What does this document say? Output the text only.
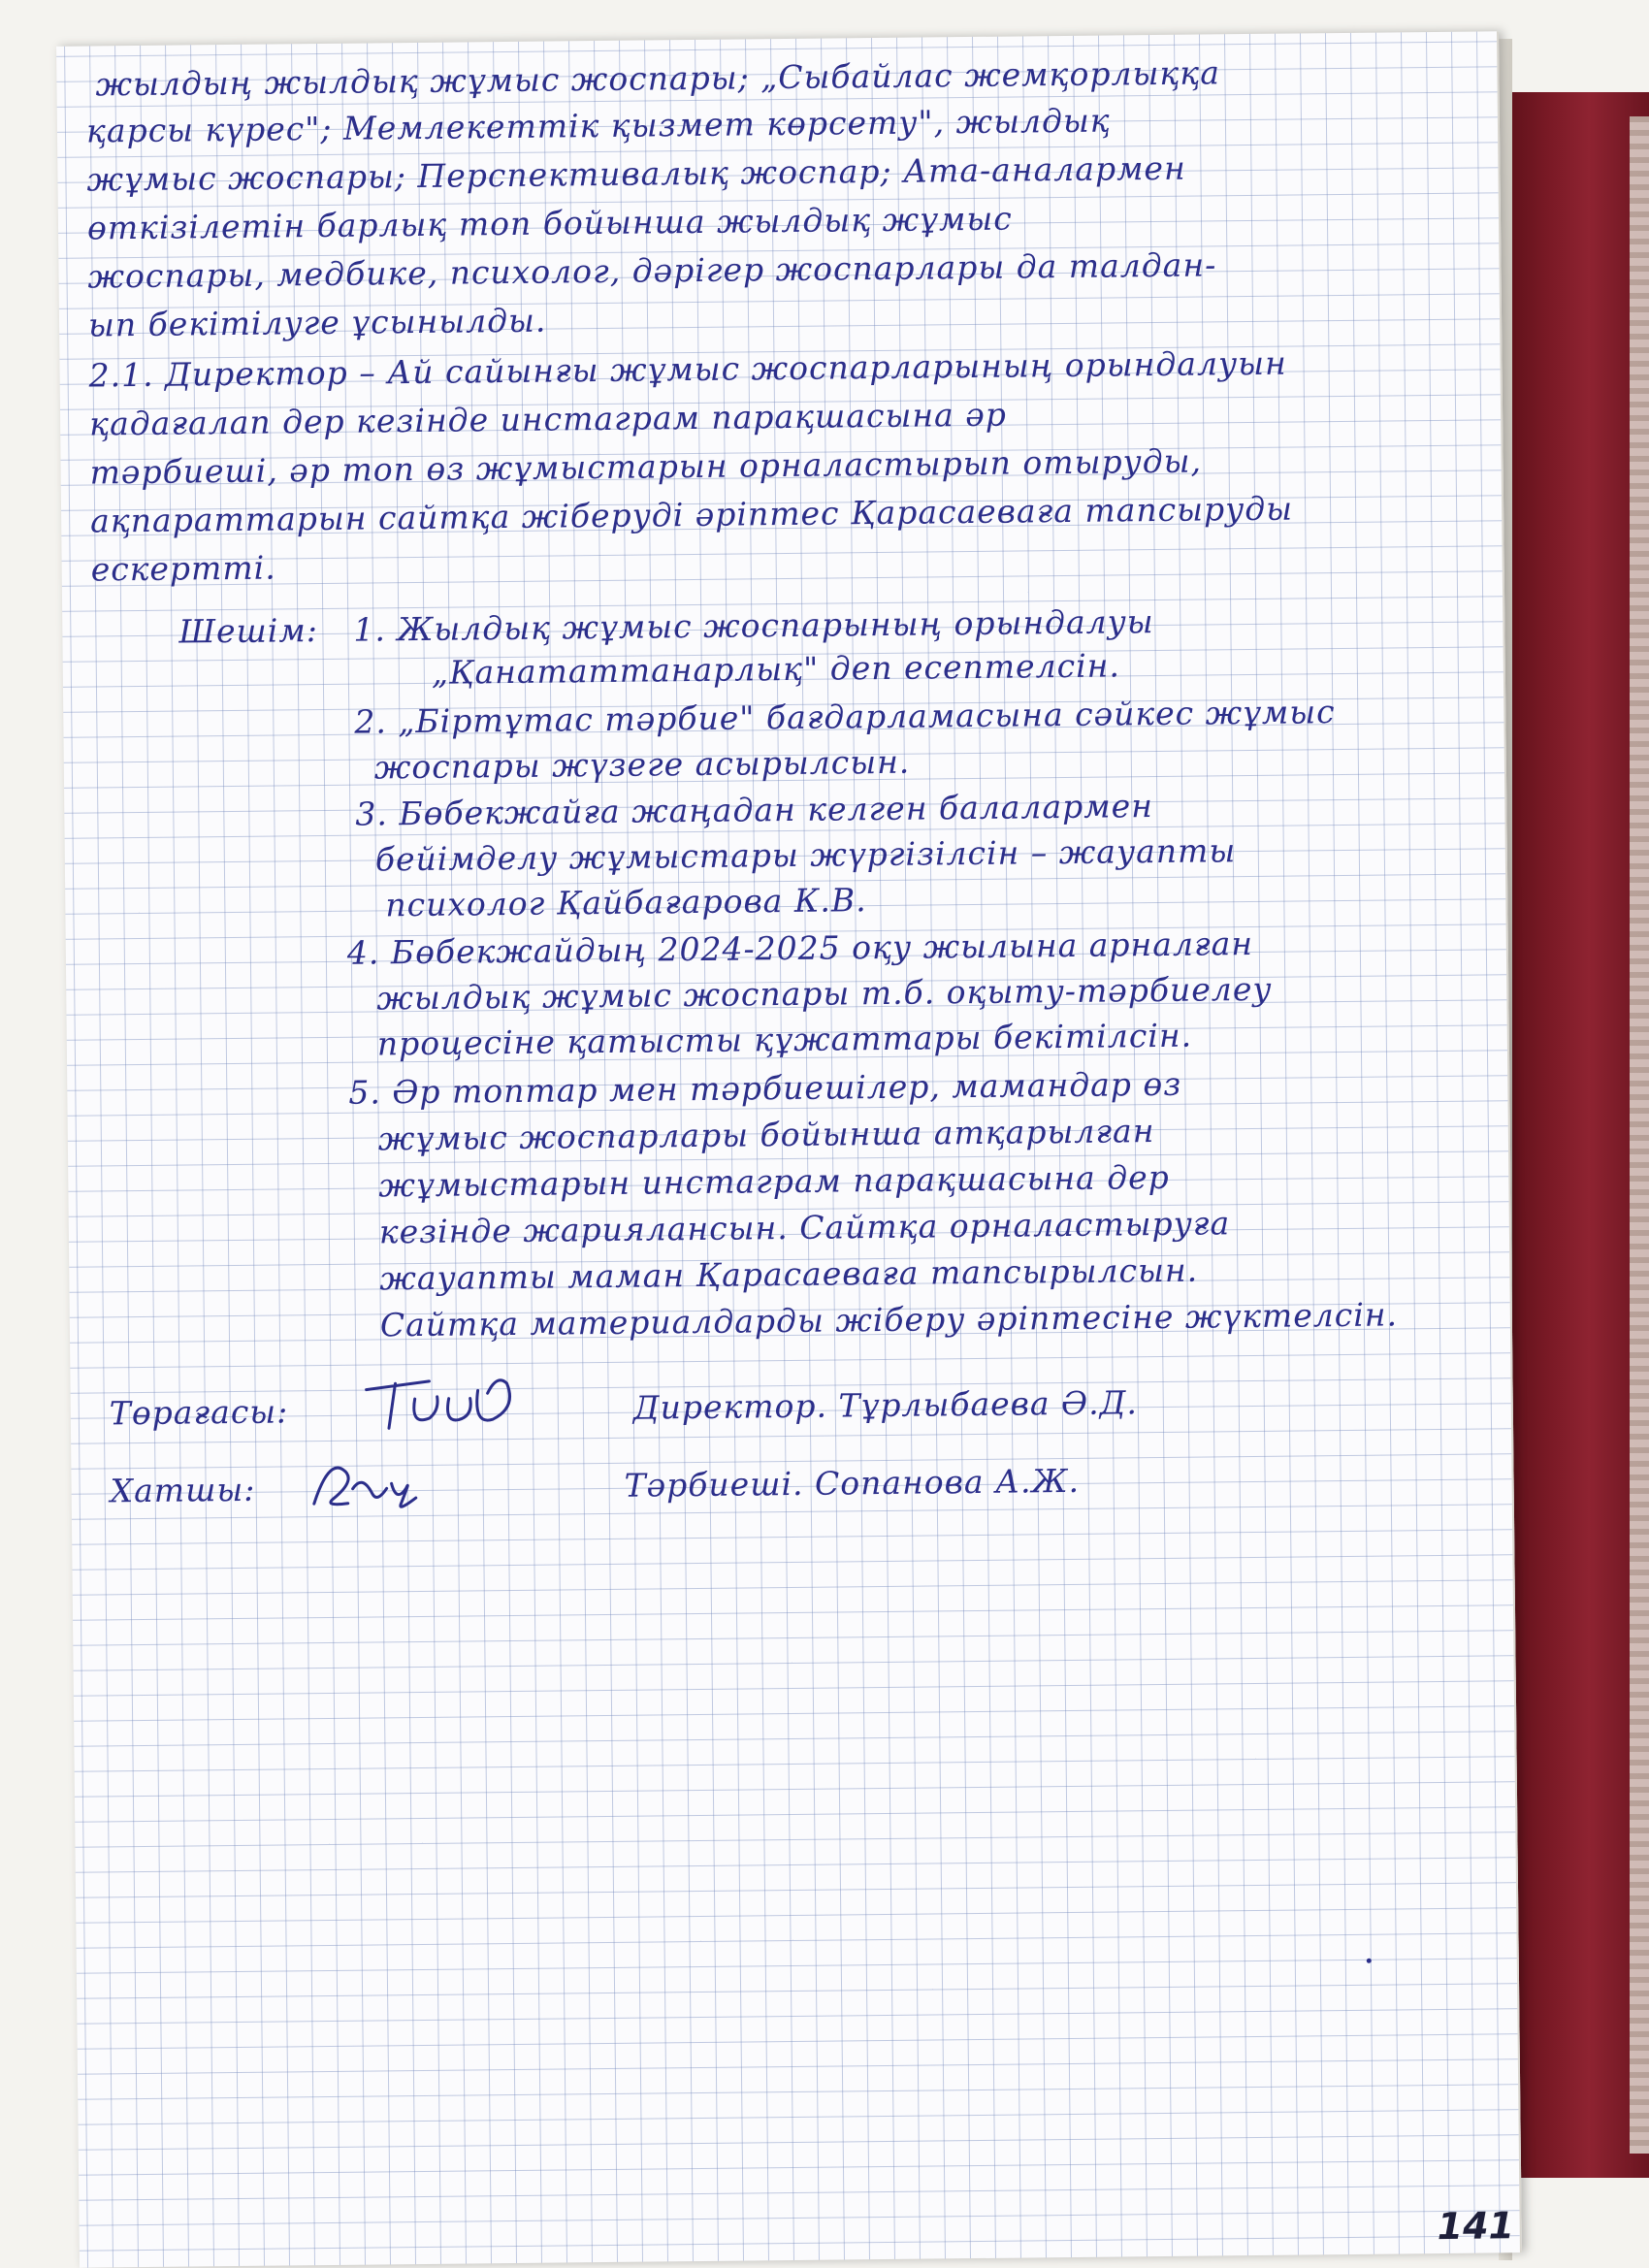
жылдың жылдық жұмыс жоспары; „Сыбайлас жемқорлыққа
қарсы күрес"; Мемлекеттік қызмет көрсету", жылдық
жұмыс жоспары; Перспективалық жоспар; Ата-аналармен
өткізілетін барлық топ бойынша жылдық жұмыс
жоспары, медбике, психолог, дәрігер жоспарлары да талдан-
ып бекітілуге ұсынылды.
2.1. Директор – Ай сайынғы жұмыс жоспарларының орындалуын
қадағалап дер кезінде инстаграм парақшасына әр
тәрбиеші, әр топ өз жұмыстарын орналастырып отыруды,
ақпараттарын сайтқа жіберуді әріптес Қарасаеваға тапсыруды
ескертті.
Шешім: 1. Жылдық жұмыс жоспарының орындалуы
„Қанататтанарлық" деп есептелсін.
2. „Біртұтас тәрбие" бағдарламасына сәйкес жұмыс
жоспары жүзеге асырылсын.
3. Бөбекжайға жаңадан келген балалармен
бейімделу жұмыстары жүргізілсін – жауапты
психолог Қайбағарова К.В.
4. Бөбекжайдың 2024-2025 оқу жылына арналған
жылдық жұмыс жоспары т.б. оқыту-тәрбиелеу
процесіне қатысты құжаттары бекітілсін.
5. Әр топтар мен тәрбиешілер, мамандар өз
жұмыс жоспарлары бойынша атқарылған
жұмыстарын инстаграм парақшасына дер
кезінде жариялансын. Сайтқа орналастыруға
жауапты маман Қарасаеваға тапсырылсын.
Сайтқа материалдарды жіберу әріптесіне жүктелсін.
Төрағасы:	Директор. Тұрлыбаева Ә.Д.
Хатшы:	Тәрбиеші. Сопанова А.Ж.
141
